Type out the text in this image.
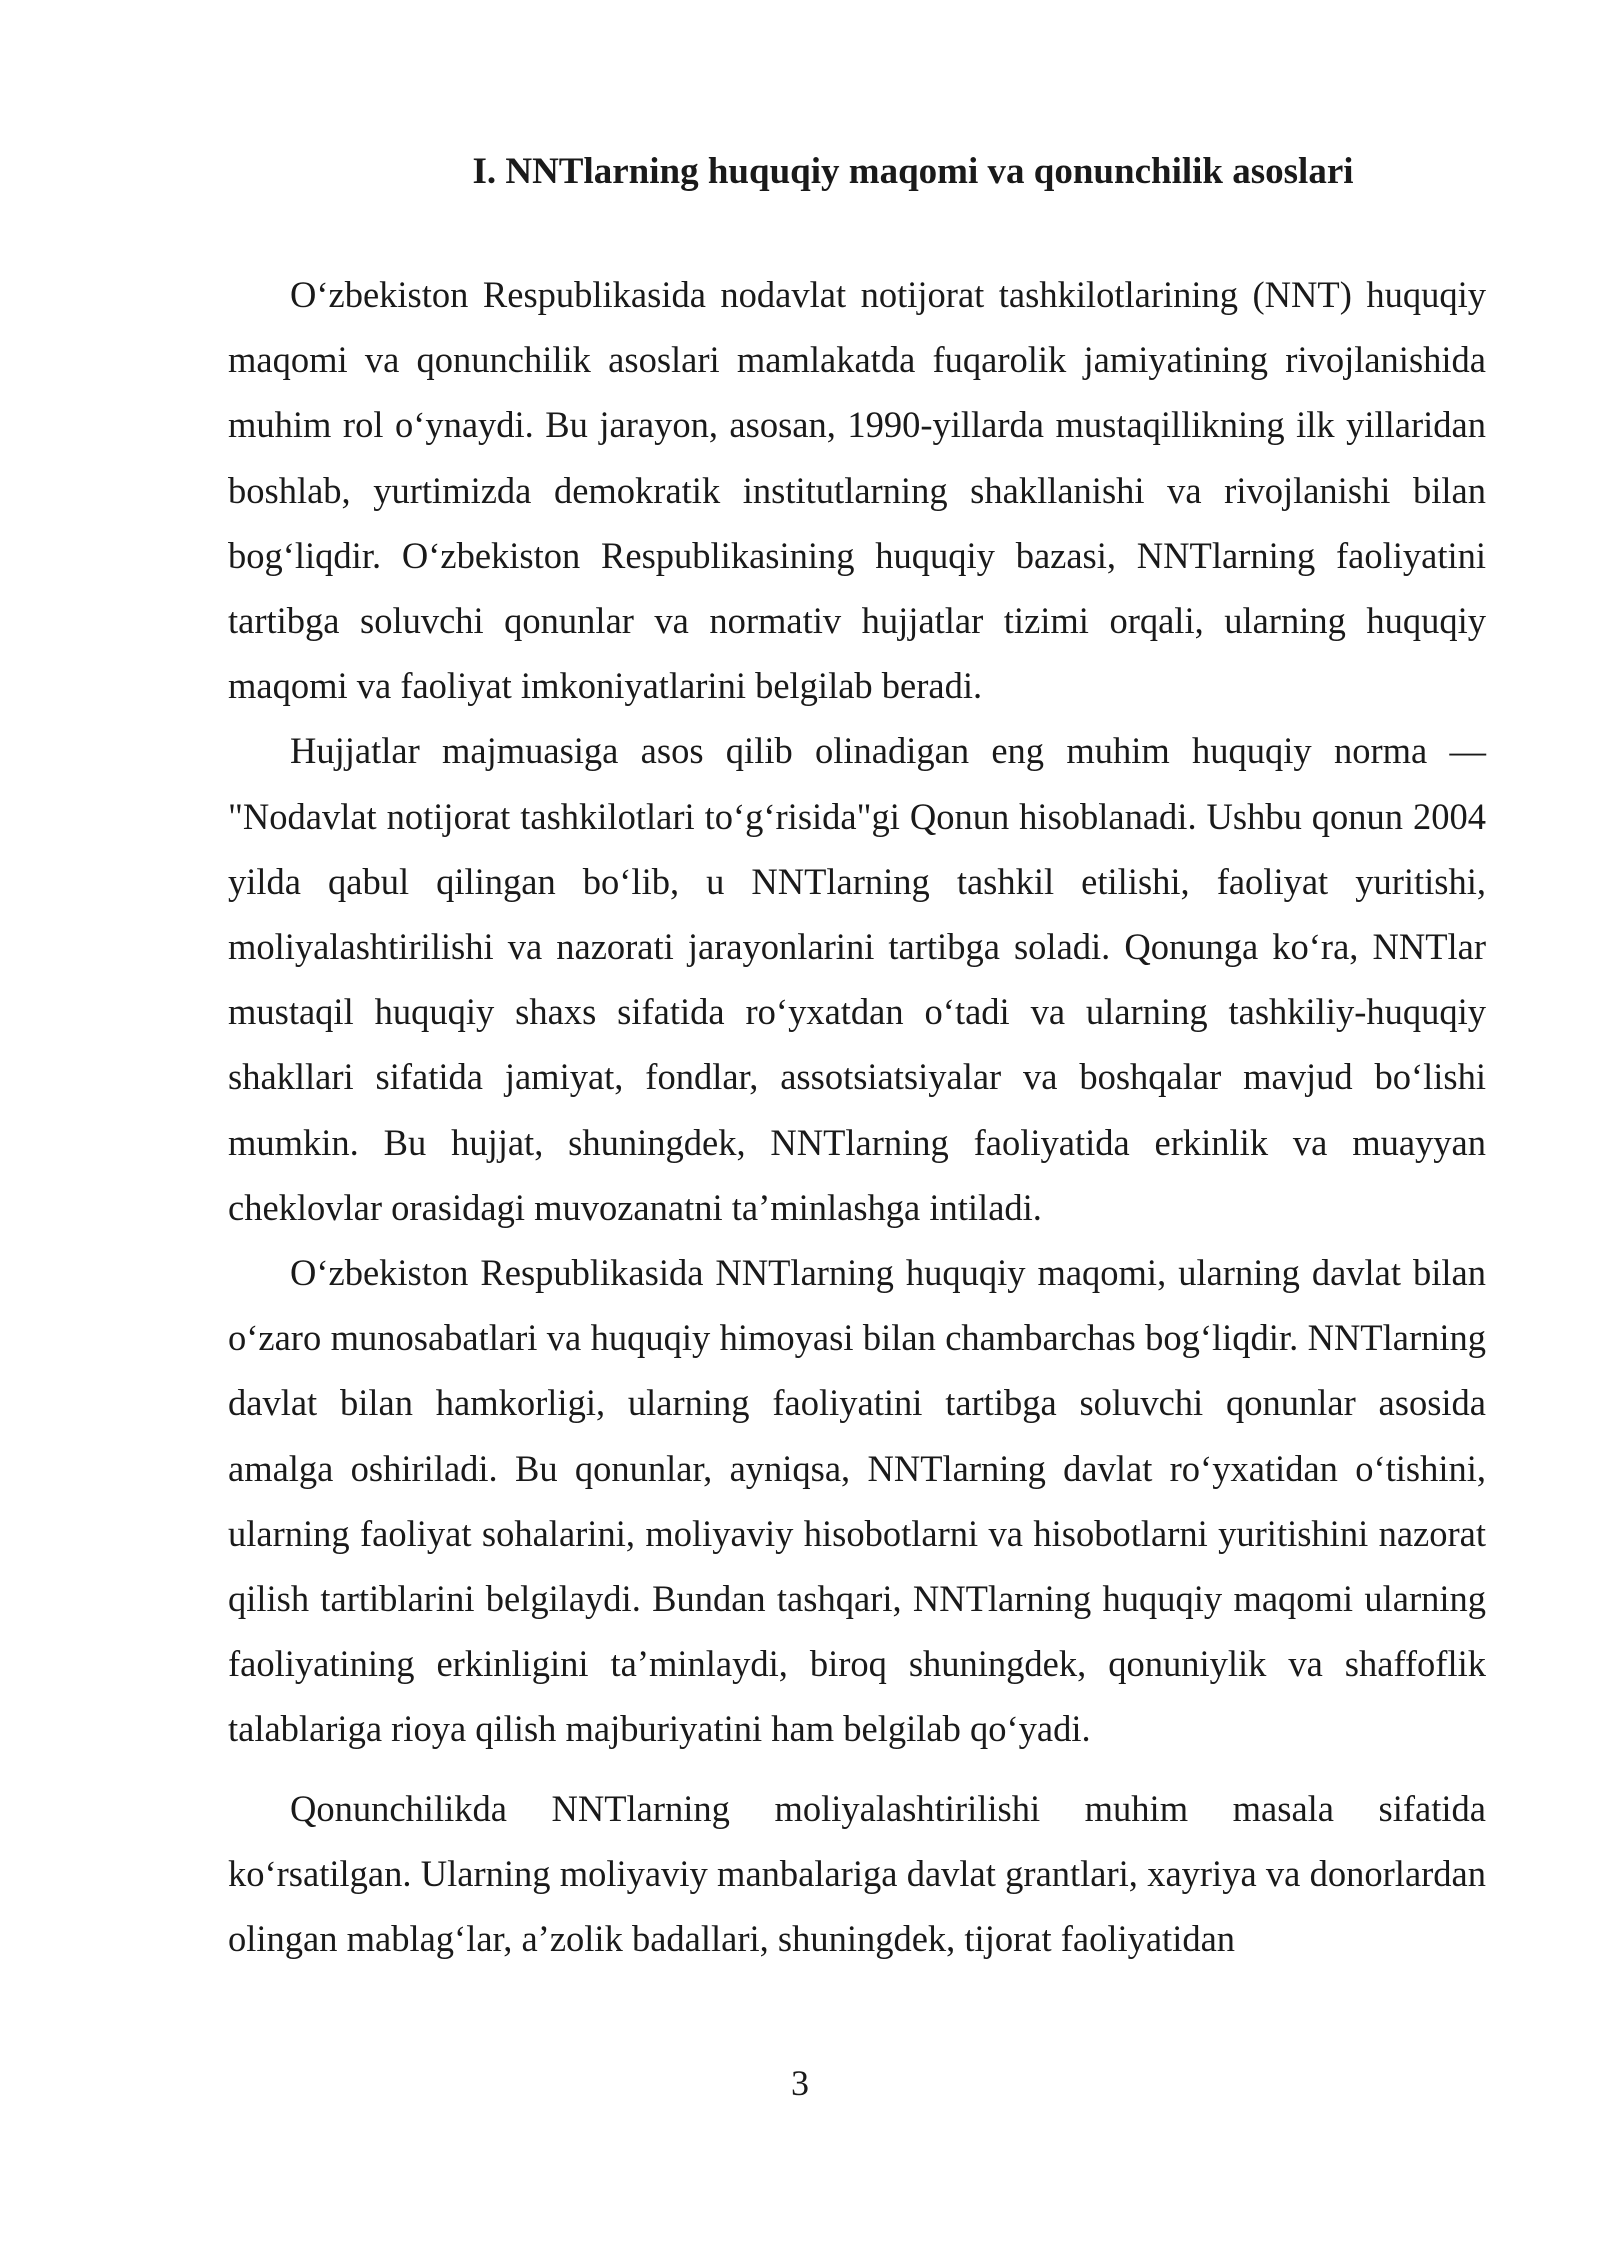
I. NNTlarning huquqiy maqomi va qonunchilik asoslari

O‘zbekiston Respublikasida nodavlat notijorat tashkilotlarining (NNT) huquqiy maqomi va qonunchilik asoslari mamlakatda fuqarolik jamiyatining rivojlanishida muhim rol o‘ynaydi. Bu jarayon, asosan, 1990-yillarda mustaqillikning ilk yillaridan boshlab, yurtimizda demokratik institutlarning shakllanishi va rivojlanishi bilan bog‘liqdir. O‘zbekiston Respublikasining huquqiy bazasi, NNTlarning faoliyatini tartibga soluvchi qonunlar va normativ hujjatlar tizimi orqali, ularning huquqiy maqomi va faoliyat imkoniyatlarini belgilab beradi.

Hujjatlar majmuasiga asos qilib olinadigan eng muhim huquqiy norma — "Nodavlat notijorat tashkilotlari to‘g‘risida"gi Qonun hisoblanadi. Ushbu qonun 2004 yilda qabul qilingan bo‘lib, u NNTlarning tashkil etilishi, faoliyat yuritishi, moliyalashtirilishi va nazorati jarayonlarini tartibga soladi. Qonunga ko‘ra, NNTlar mustaqil huquqiy shaxs sifatida ro‘yxatdan o‘tadi va ularning tashkiliy-huquqiy shakllari sifatida jamiyat, fondlar, assotsiatsiyalar va boshqalar mavjud bo‘lishi mumkin. Bu hujjat, shuningdek, NNTlarning faoliyatida erkinlik va muayyan cheklovlar orasidagi muvozanatni ta’minlashga intiladi.

O‘zbekiston Respublikasida NNTlarning huquqiy maqomi, ularning davlat bilan o‘zaro munosabatlari va huquqiy himoyasi bilan chambarchas bog‘liqdir. NNTlarning davlat bilan hamkorligi, ularning faoliyatini tartibga soluvchi qonunlar asosida amalga oshiriladi. Bu qonunlar, ayniqsa, NNTlarning davlat ro‘yxatidan o‘tishini, ularning faoliyat sohalarini, moliyaviy hisobotlarni va hisobotlarni yuritishini nazorat qilish tartiblarini belgilaydi. Bundan tashqari, NNTlarning huquqiy maqomi ularning faoliyatining erkinligini ta’minlaydi, biroq shuningdek, qonuniylik va shaffoflik talablariga rioya qilish majburiyatini ham belgilab qo‘yadi.

Qonunchilikda NNTlarning moliyalashtirilishi muhim masala sifatida ko‘rsatilgan. Ularning moliyaviy manbalariga davlat grantlari, xayriya va donorlardan olingan mablag‘lar, a’zolik badallari, shuningdek, tijorat faoliyatidan

3
